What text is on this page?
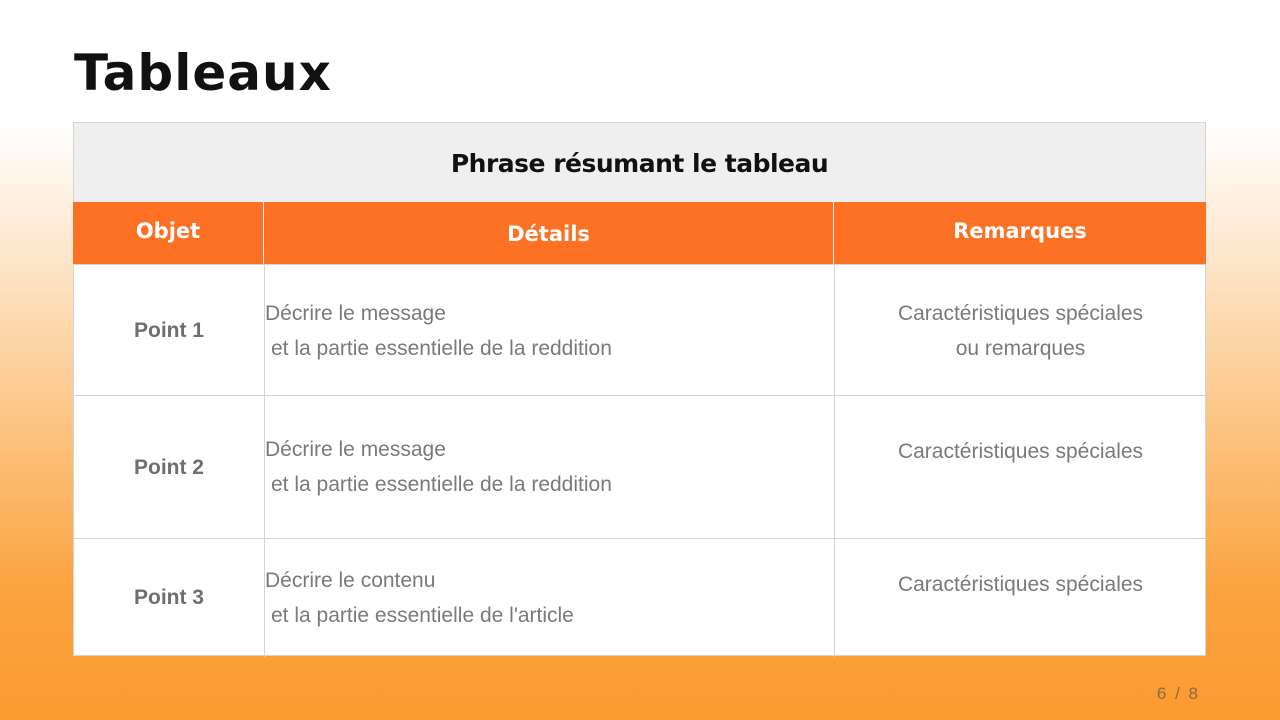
Tableaux
Phrase résumant le tableau
Objet	Détails	Remarques
Point 1
Décrire le message
et la partie essentielle de la reddition
Caractéristiques spéciales
ou remarques
Point 2
Décrire le message
et la partie essentielle de la reddition
Caractéristiques spéciales
Point 3
Décrire le contenu
et la partie essentielle de l'article
Caractéristiques spéciales
6 / 8
